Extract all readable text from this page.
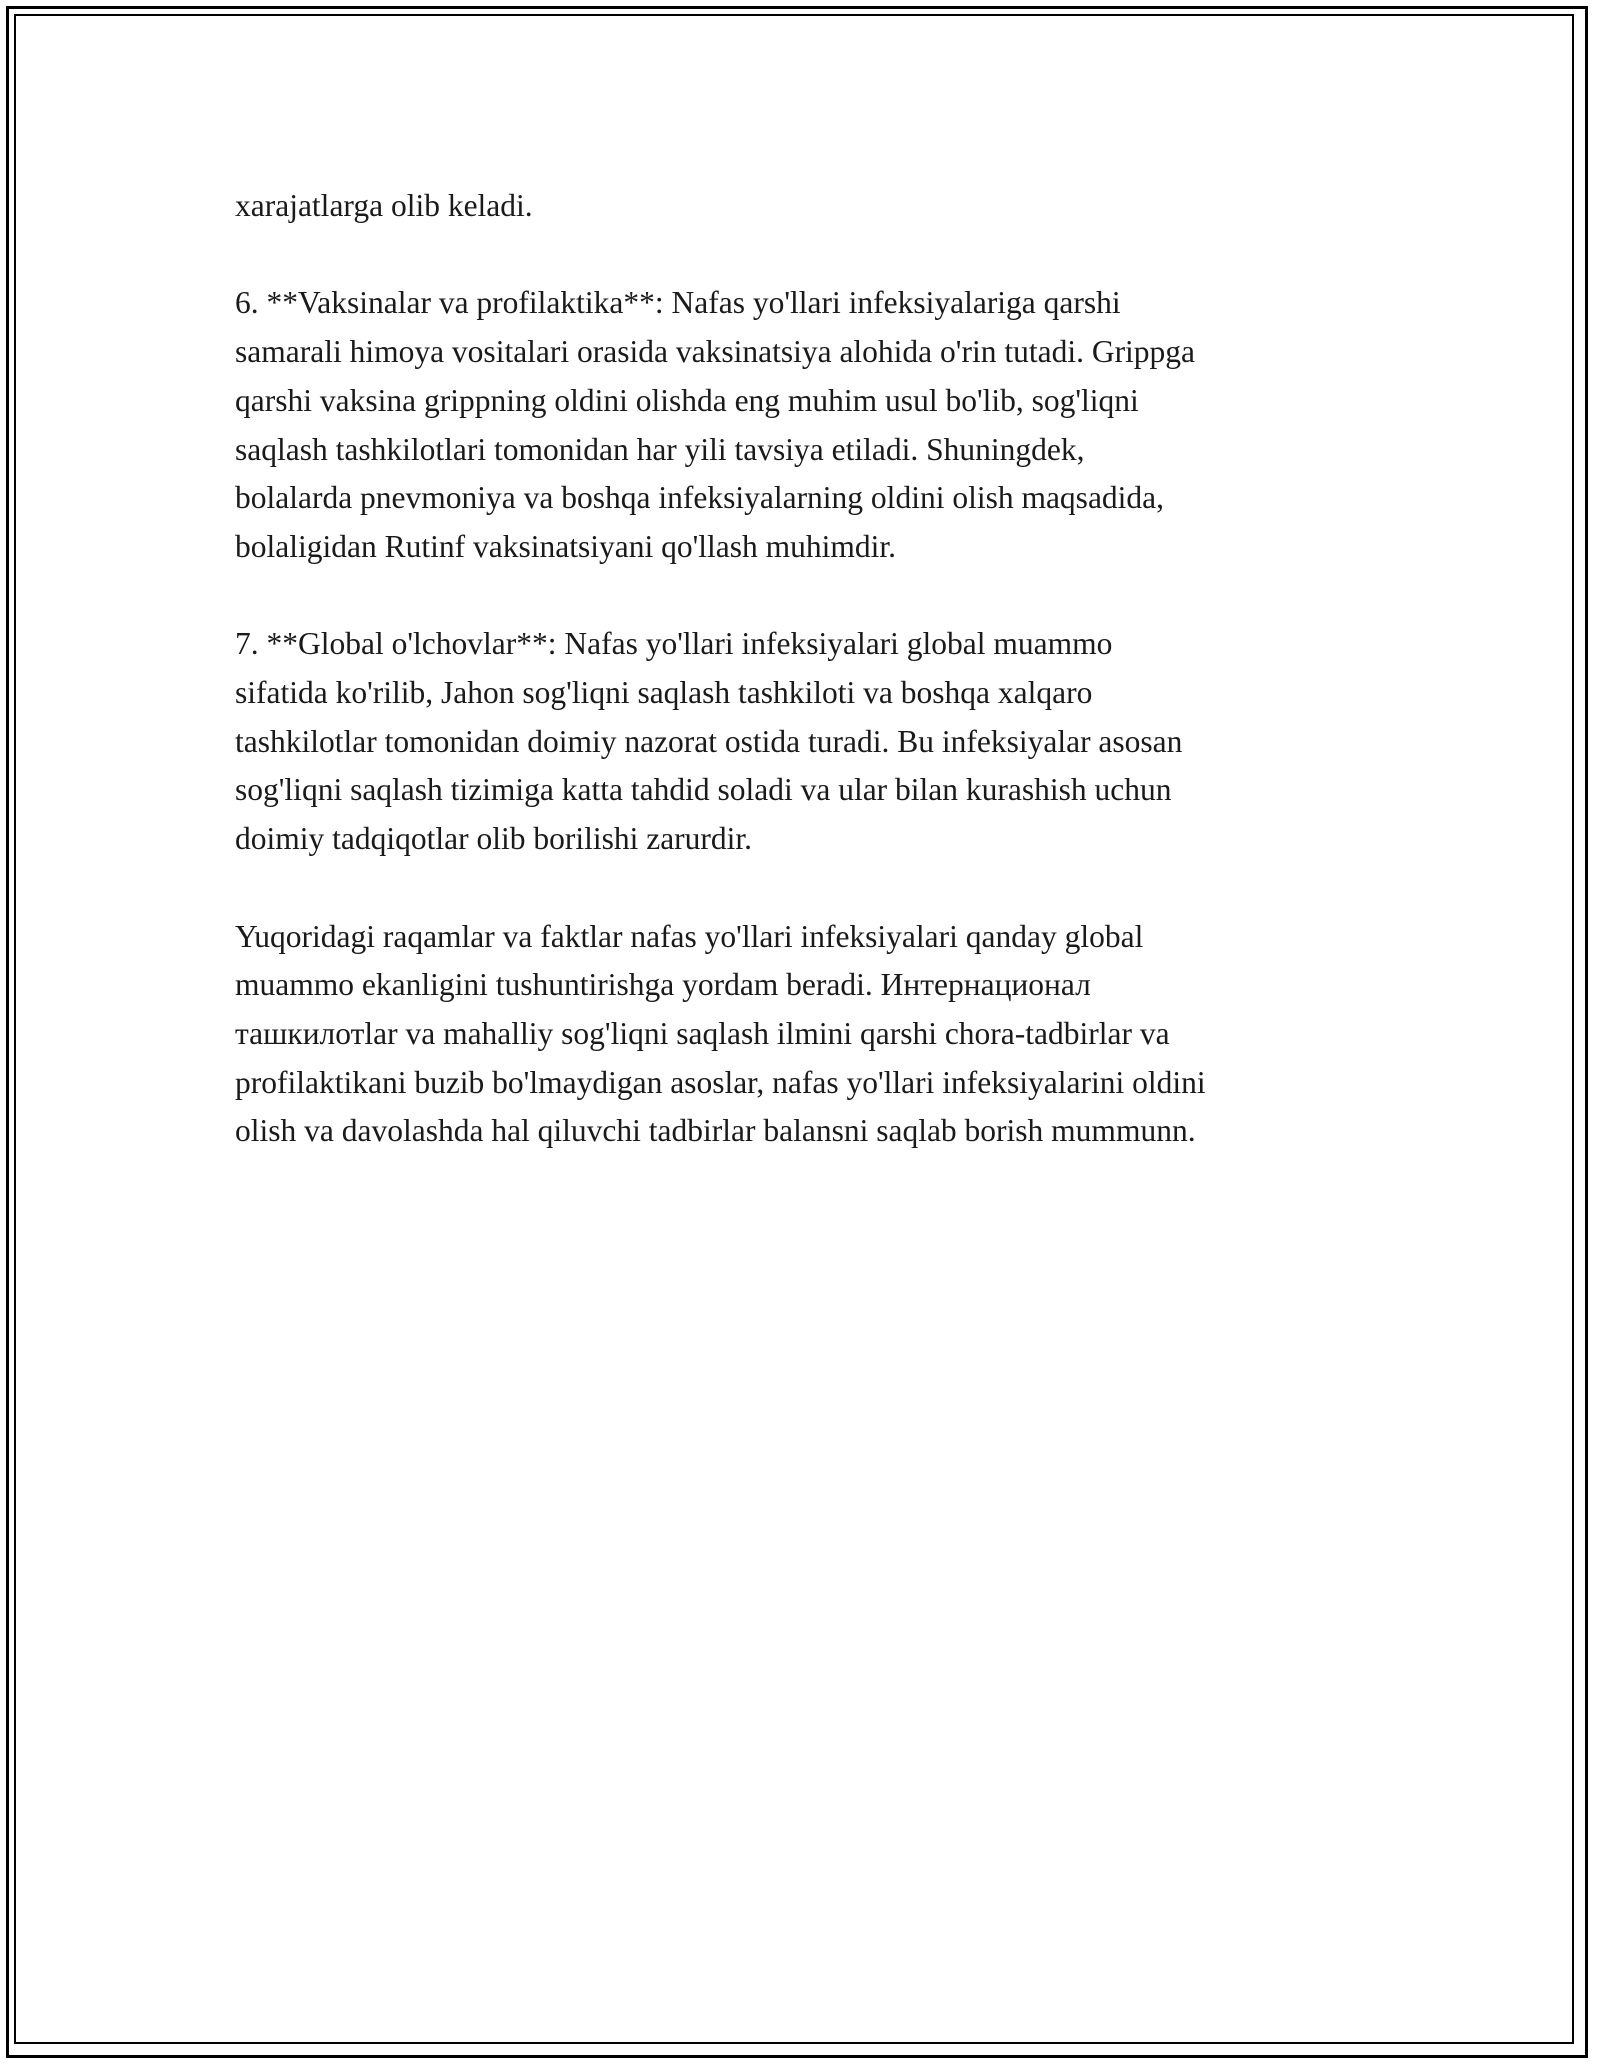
xarajatlarga olib keladi.

6. **Vaksinalar va profilaktika**: Nafas yo'llari infeksiyalariga qarshi
samarali himoya vositalari orasida vaksinatsiya alohida o'rin tutadi. Grippga
qarshi vaksina grippning oldini olishda eng muhim usul bo'lib, sog'liqni
saqlash tashkilotlari tomonidan har yili tavsiya etiladi. Shuningdek,
bolalarda pnevmoniya va boshqa infeksiyalarning oldini olish maqsadida,
bolaligidan Rutinf vaksinatsiyani qo'llash muhimdir.

7. **Global o'lchovlar**: Nafas yo'llari infeksiyalari global muammo
sifatida ko'rilib, Jahon sog'liqni saqlash tashkiloti va boshqa xalqaro
tashkilotlar tomonidan doimiy nazorat ostida turadi. Bu infeksiyalar asosan
sog'liqni saqlash tizimiga katta tahdid soladi va ular bilan kurashish uchun
doimiy tadqiqotlar olib borilishi zarurdir.

Yuqoridagi raqamlar va faktlar nafas yo'llari infeksiyalari qanday global
muammo ekanligini tushuntirishga yordam beradi. Интернационал
ташкилотlar va mahalliy sog'liqni saqlash ilmini qarshi chora-tadbirlar va
profilaktikani buzib bo'lmaydigan asoslar, nafas yo'llari infeksiyalarini oldini
olish va davolashda hal qiluvchi tadbirlar balansni saqlab borish mummunn.
